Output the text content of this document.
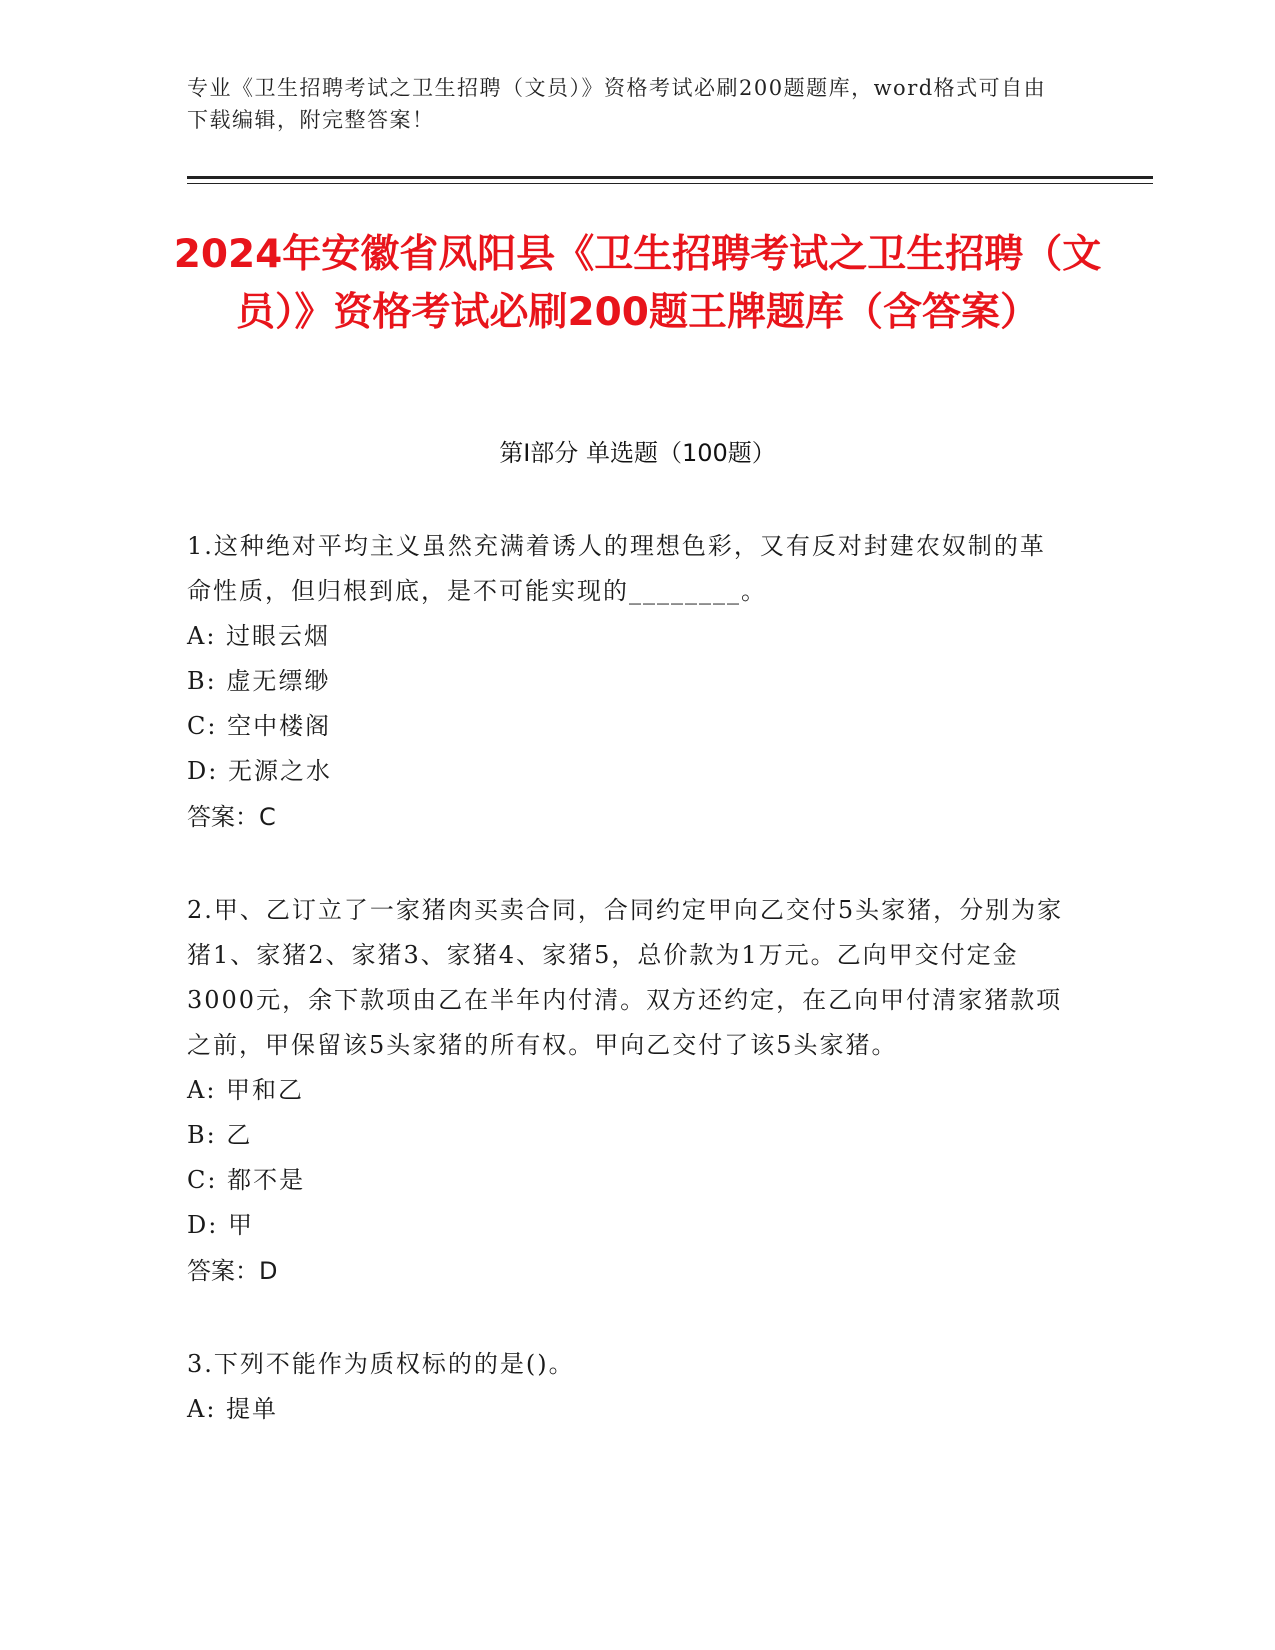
专业《卫生招聘考试之卫生招聘（文员）》资格考试必刷200题题库，word格式可自由下载编辑，附完整答案！
2024年安徽省凤阳县《卫生招聘考试之卫生招聘（文员）》资格考试必刷200题王牌题库（含答案）
第I部分 单选题（100题）

1.这种绝对平均主义虽然充满着诱人的理想色彩，又有反对封建农奴制的革命性质，但归根到底，是不可能实现的________。

A: 过眼云烟

B: 虚无缥缈

C: 空中楼阁

D: 无源之水

答案：C

2.甲、乙订立了一家猪肉买卖合同，合同约定甲向乙交付5头家猪，分别为家猪1、家猪2、家猪3、家猪4、家猪5，总价款为1万元。乙向甲交付定金3000元，余下款项由乙在半年内付清。双方还约定，在乙向甲付清家猪款项之前，甲保留该5头家猪的所有权。甲向乙交付了该5头家猪。

A: 甲和乙

B: 乙

C: 都不是

D: 甲

答案：D

3.下列不能作为质权标的的是()。

A: 提单
